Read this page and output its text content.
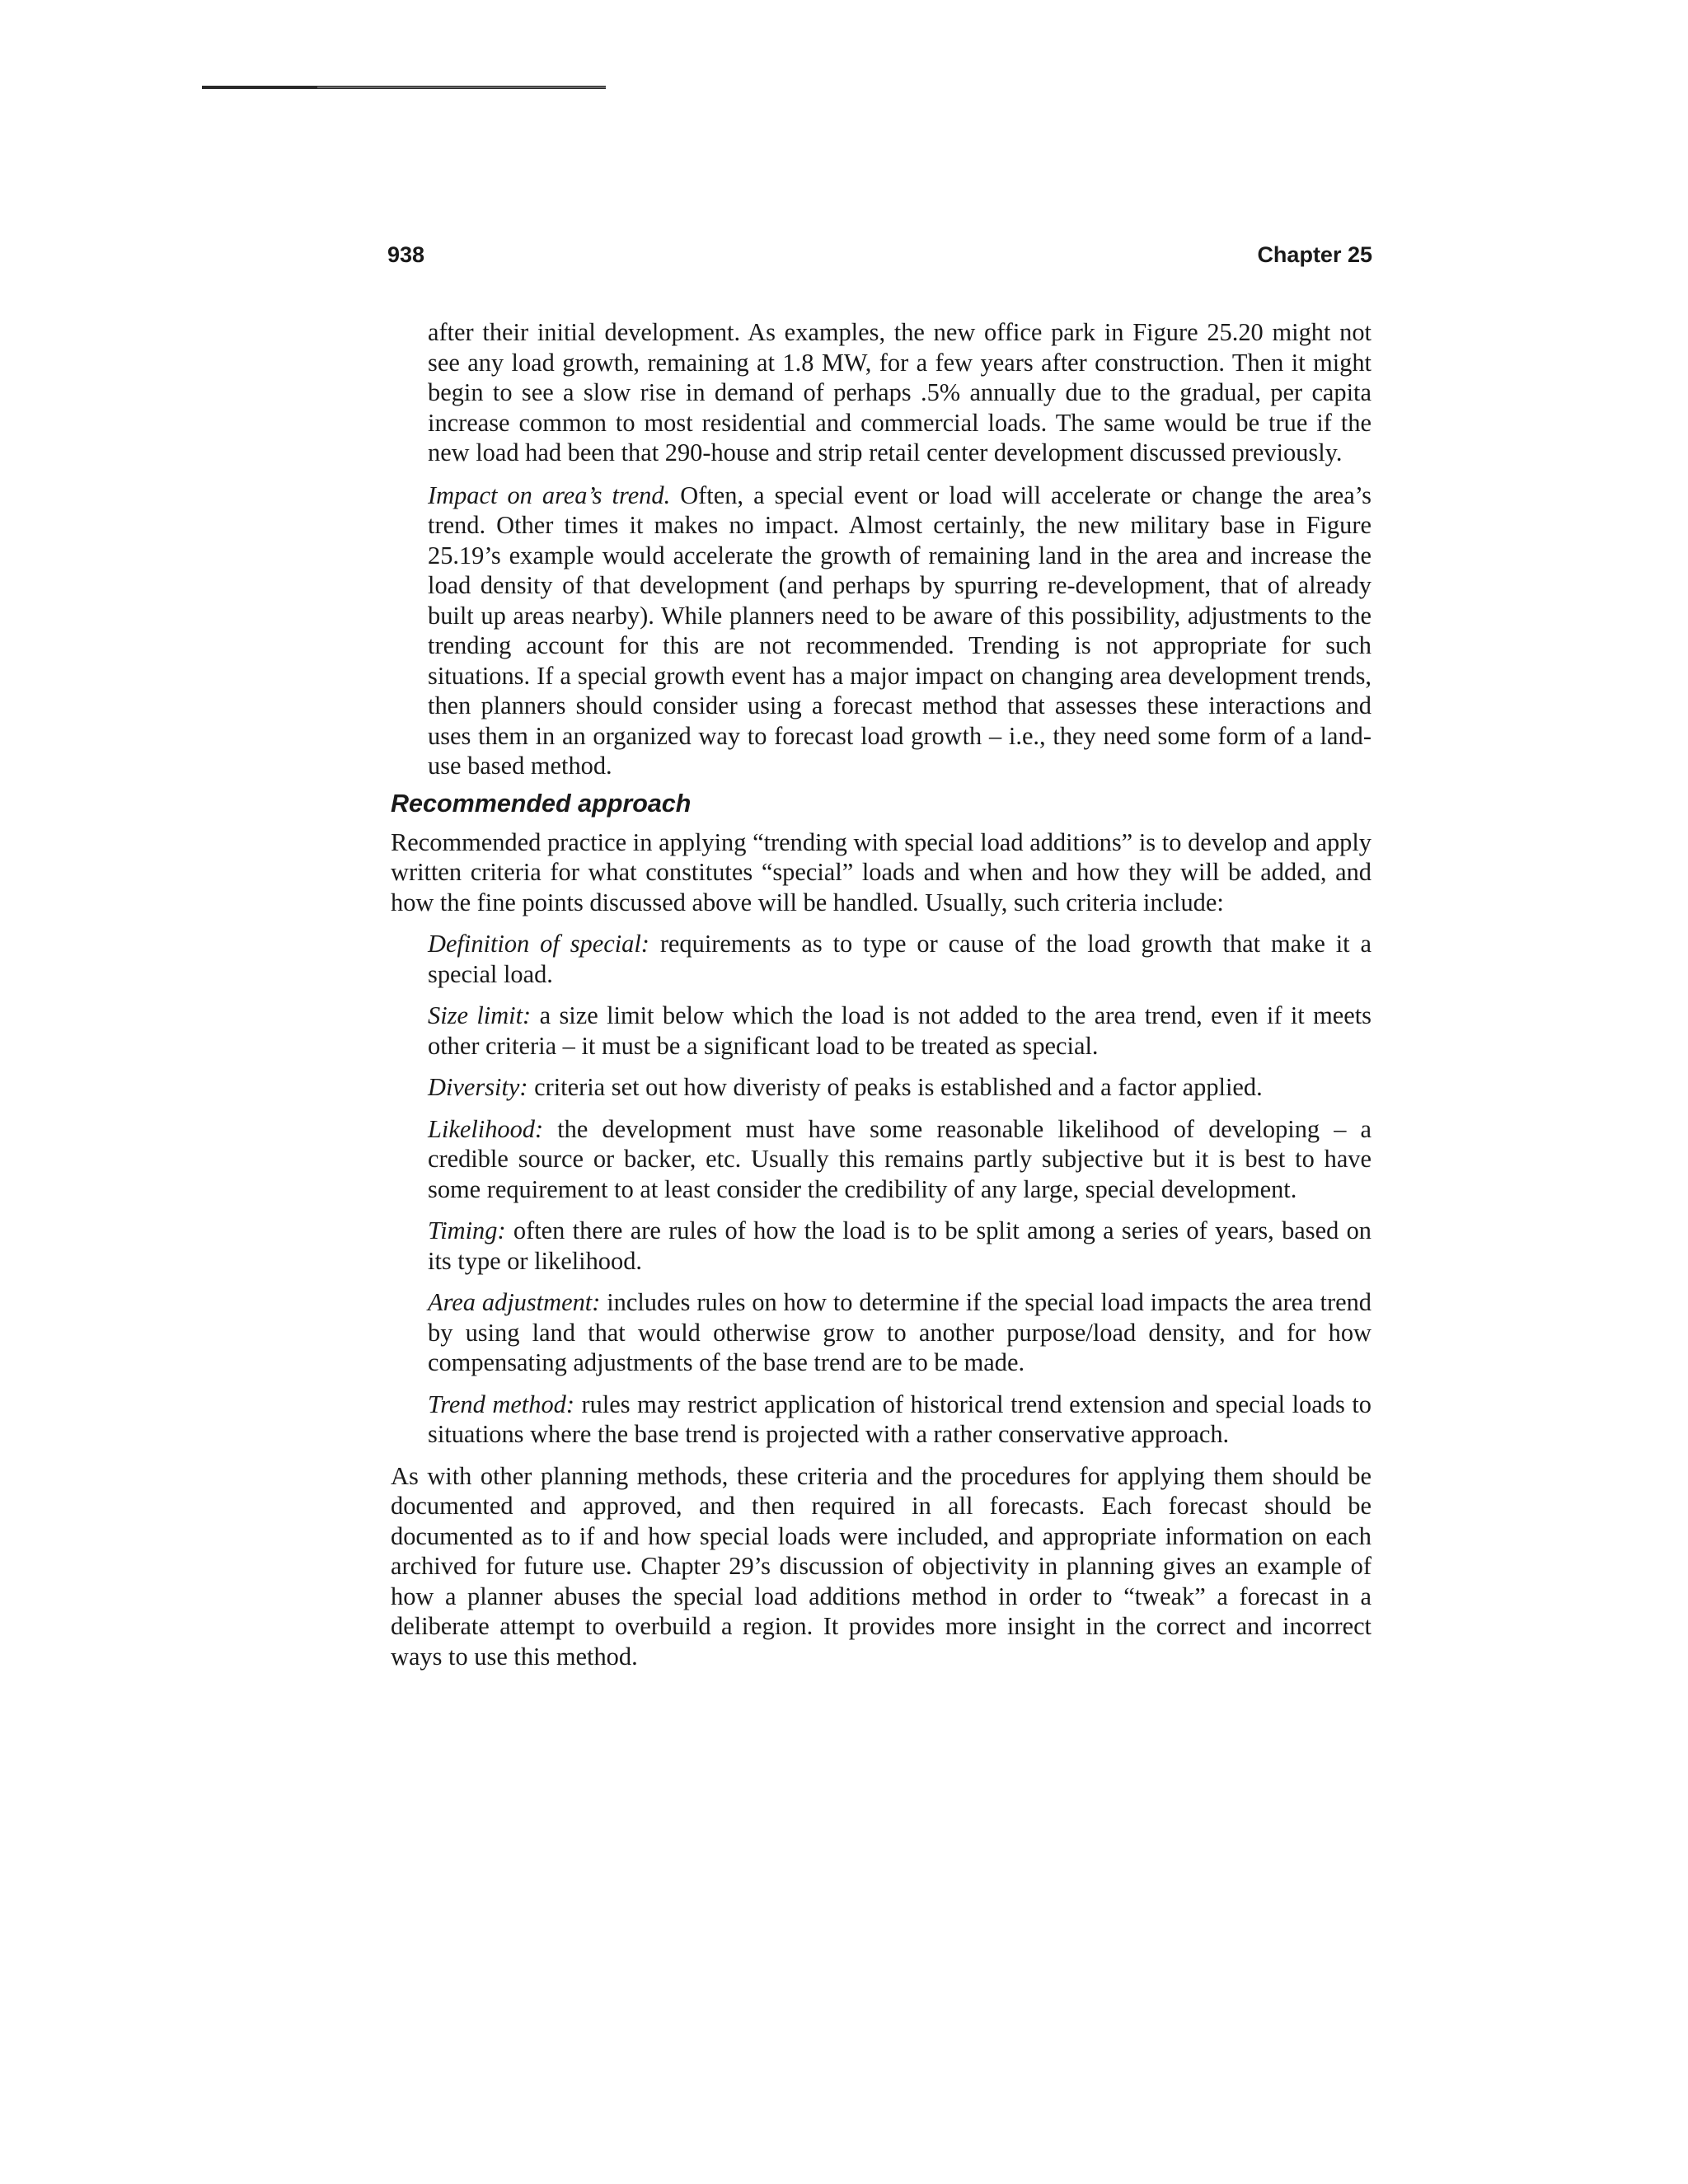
938	Chapter 25

after their initial development. As examples, the new office park in Figure 25.20 might not see any load growth, remaining at 1.8 MW, for a few years after construction. Then it might begin to see a slow rise in demand of perhaps .5% annually due to the gradual, per capita increase common to most residential and commercial loads. The same would be true if the new load had been that 290-house and strip retail center development discussed previously.

Impact on area’s trend. Often, a special event or load will accelerate or change the area’s trend. Other times it makes no impact. Almost certainly, the new military base in Figure 25.19’s example would accelerate the growth of remaining land in the area and increase the load density of that development (and perhaps by spurring re-development, that of already built up areas nearby). While planners need to be aware of this possibility, adjustments to the trending account for this are not recommended. Trending is not appropriate for such situations. If a special growth event has a major impact on changing area development trends, then planners should consider using a forecast method that assesses these interactions and uses them in an organized way to forecast load growth – i.e., they need some form of a land-use based method.

Recommended approach

Recommended practice in applying “trending with special load additions” is to develop and apply written criteria for what constitutes “special” loads and when and how they will be added, and how the fine points discussed above will be handled. Usually, such criteria include:

Definition of special: requirements as to type or cause of the load growth that make it a special load.

Size limit: a size limit below which the load is not added to the area trend, even if it meets other criteria – it must be a significant load to be treated as special.

Diversity: criteria set out how diveristy of peaks is established and a factor applied.

Likelihood: the development must have some reasonable likelihood of developing – a credible source or backer, etc. Usually this remains partly subjective but it is best to have some requirement to at least consider the credibility of any large, special development.

Timing: often there are rules of how the load is to be split among a series of years, based on its type or likelihood.

Area adjustment: includes rules on how to determine if the special load impacts the area trend by using land that would otherwise grow to another purpose/load density, and for how compensating adjustments of the base trend are to be made.

Trend method: rules may restrict application of historical trend extension and special loads to situations where the base trend is projected with a rather conservative approach.

As with other planning methods, these criteria and the procedures for applying them should be documented and approved, and then required in all forecasts. Each forecast should be documented as to if and how special loads were included, and appropriate information on each archived for future use. Chapter 29’s discussion of objectivity in planning gives an example of how a planner abuses the special load additions method in order to “tweak” a forecast in a deliberate attempt to overbuild a region. It provides more insight in the correct and incorrect ways to use this method.
